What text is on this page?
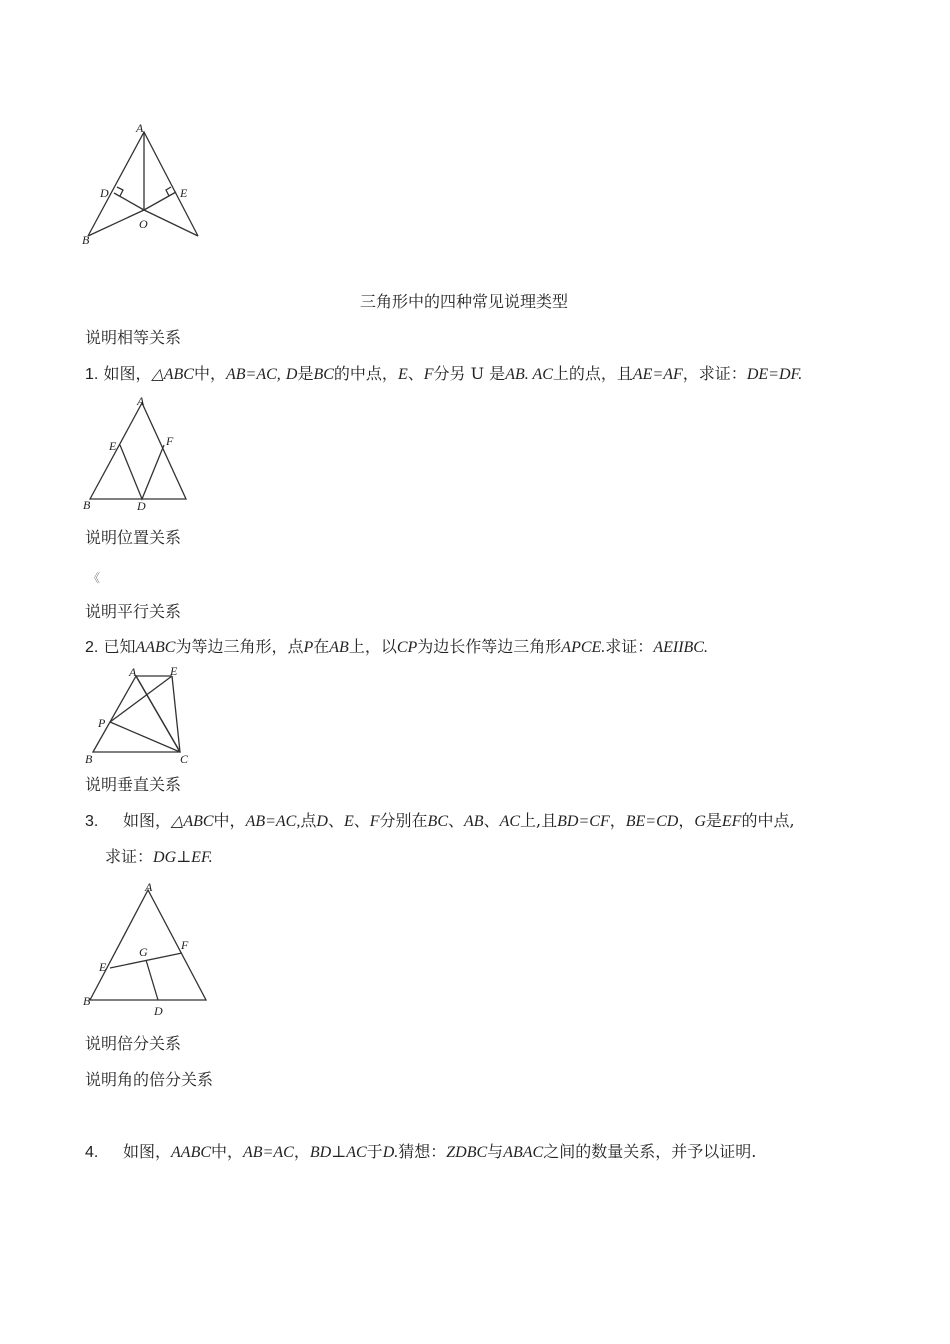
A
B
D	E
O
三角形中的四种常见说理类型
说明相等关系
1. 如图，△ABC中，AB=AC, D是BC的中点，E、F分另 U 是AB. AC上的点，且AE=AF，求证：DE=DF.
A
B	D
E	F
说明位置关系
《
说明平行关系
2. 已知AABC为等边三角形，点P在AB上，以CP为边长作等边三角形APCE.求证：AEIIBC.
A
B	C
E
P
说明垂直关系
3. 如图，△ABC中，AB=AC,点D、E、F分别在BC、AB、AC上,且BD=CF，BE=CD，G是EF的中点,
求证：DG⊥EF.
A
B
D
E
F
G
说明倍分关系
说明角的倍分关系
4. 如图，AABC中，AB=AC，BD⊥AC于D.猜想：ZDBC与ABAC之间的数量关系，并予以证明.
